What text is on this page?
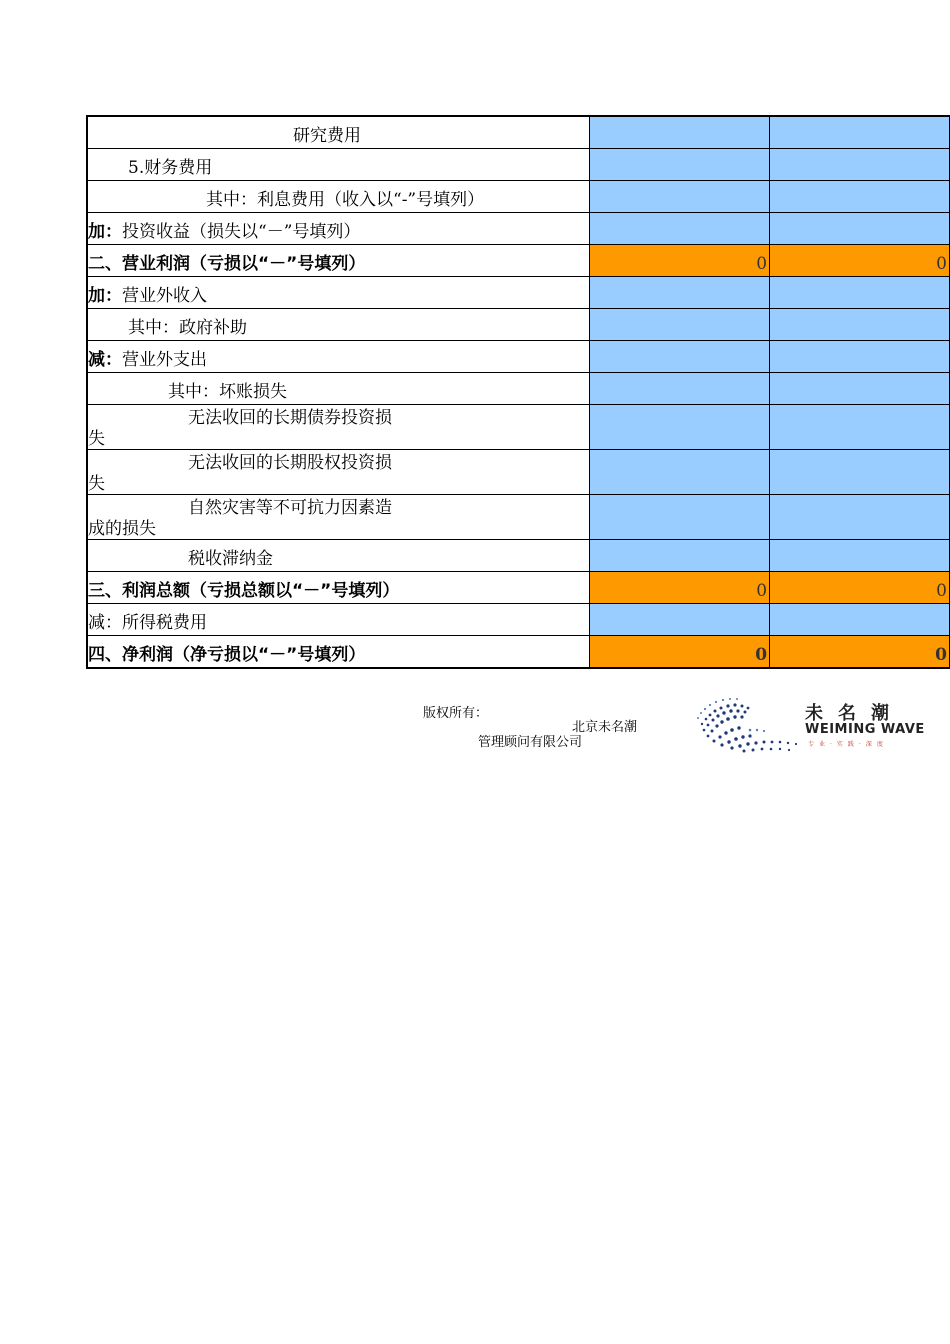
研究费用		
5.财务费用		
其中：利息费用（收入以“-”号填列）		
加：投资收益（损失以“－”号填列）		
二、营业利润（亏损以“－”号填列）	0	0
加：营业外收入		
其中：政府补助		
减：营业外支出		
其中：坏账损失		

无法收回的长期债券投资损
失		

无法收回的长期股权投资损
失		

自然灾害等不可抗力因素造
成的损失		

税收滞纳金		
三、利润总额（亏损总额以“－”号填列）	0	0
减：所得税费用		
四、净利润（净亏损以“－”号填列）	0	0
版权所有：
北京未名潮
管理顾问有限公司
未名潮
WEIMING WAVE
专业·实践·深度
